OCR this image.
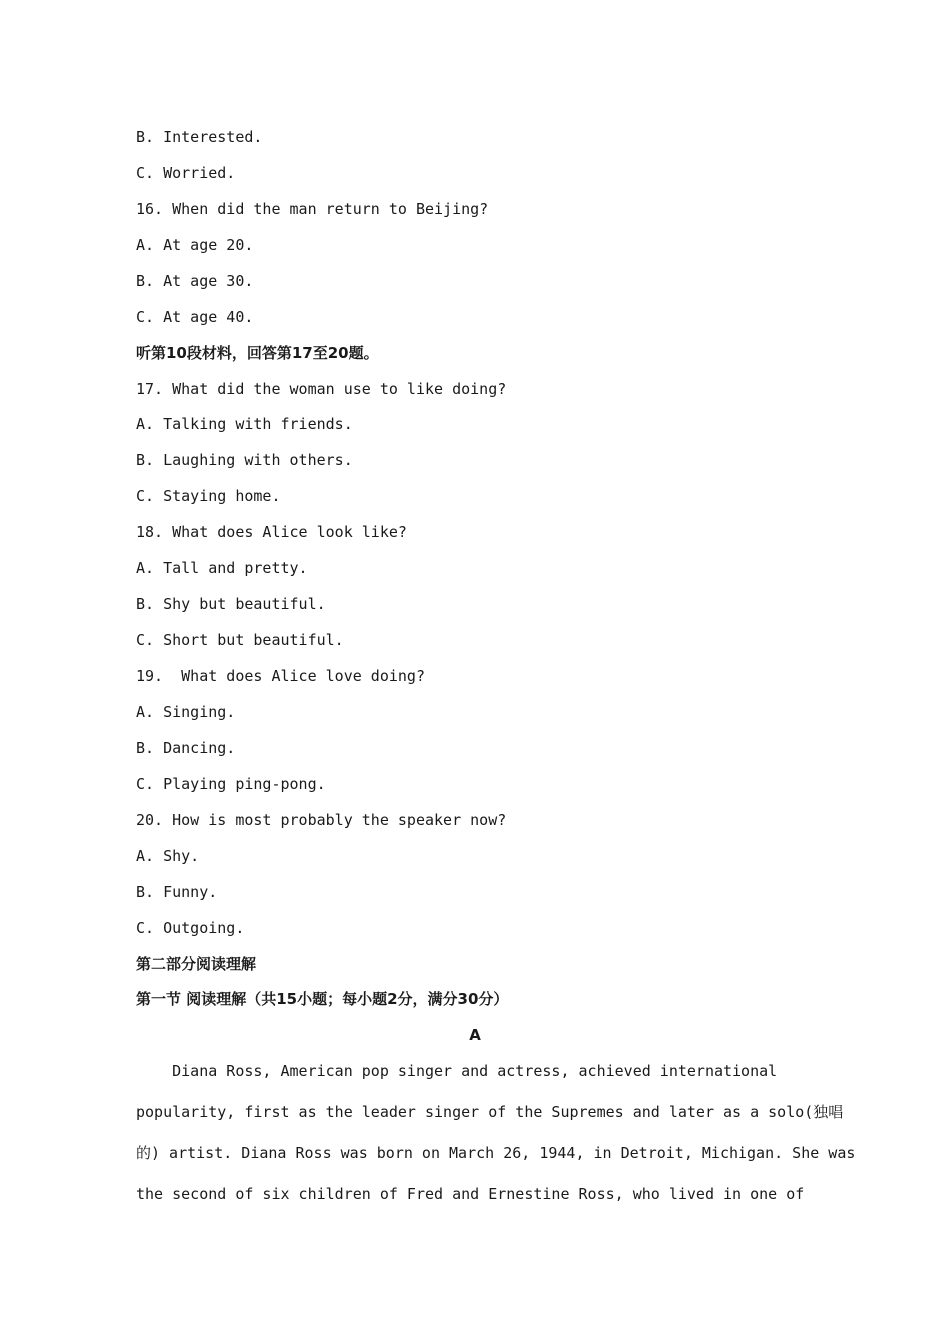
B. Interested.
C. Worried.
16. When did the man return to Beijing?
A. At age 20.
B. At age 30.
C. At age 40.
听第10段材料，回答第17至20题。
17. What did the woman use to like doing?
A. Talking with friends.
B. Laughing with others.
C. Staying home.
18. What does Alice look like?
A. Tall and pretty.
B. Shy but beautiful.
C. Short but beautiful.
19.  What does Alice love doing?
A. Singing.
B. Dancing.
C. Playing ping-pong.
20. How is most probably the speaker now?
A. Shy.
B. Funny.
C. Outgoing.
第二部分阅读理解
第一节 阅读理解（共15小题；每小题2分，满分30分）
A
Diana Ross, American pop singer and actress, achieved international
popularity, first as the leader singer of the Supremes and later as a solo(独唱
的) artist. Diana Ross was born on March 26, 1944, in Detroit, Michigan. She was
the second of six children of Fred and Ernestine Ross, who lived in one of
